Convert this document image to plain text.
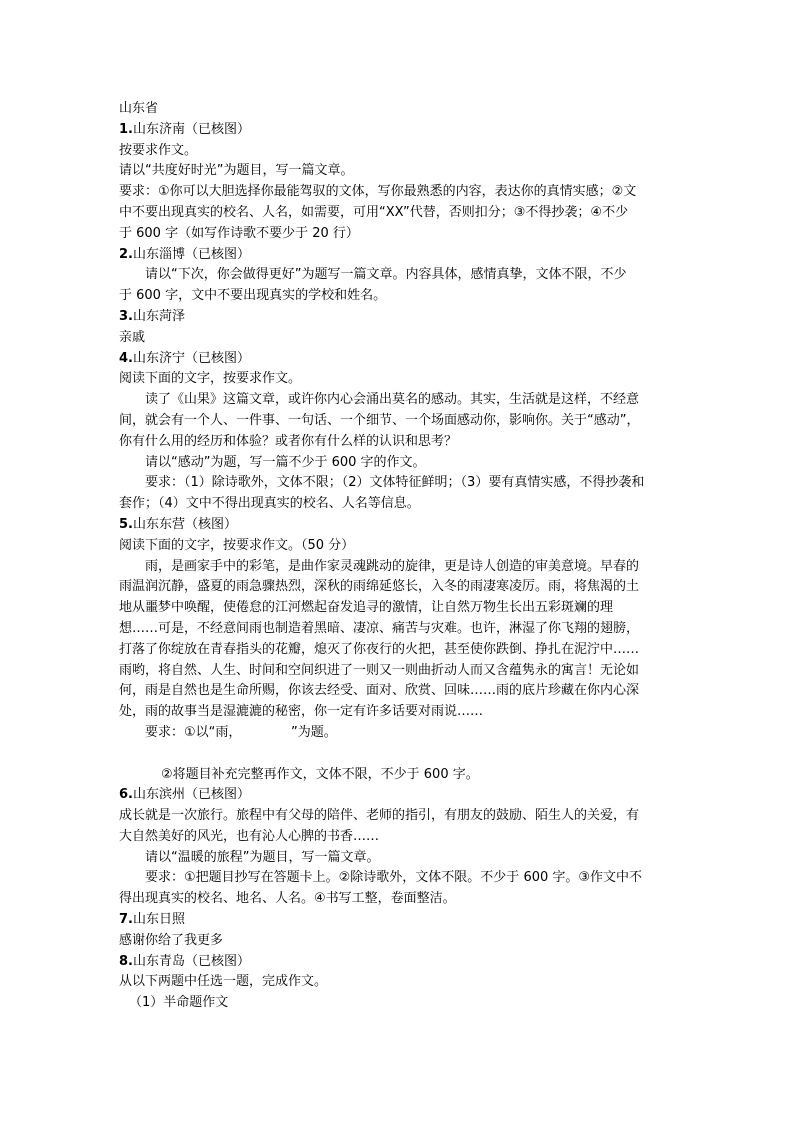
山东省
1.山东济南（已核图）
按要求作文。
请以“共度好时光”为题目，写一篇文章。
要求：①你可以大胆选择你最能驾驭的文体，写你最熟悉的内容，表达你的真情实感；②文
中不要出现真实的校名、人名，如需要，可用“XX”代替，否则扣分；③不得抄袭；④不少
于 600 字（如写作诗歌不要少于 20 行）
2.山东淄博（已核图）
请以“下次，你会做得更好”为题写一篇文章。内容具体，感情真挚，文体不限，不少
于 600 字，文中不要出现真实的学校和姓名。
3.山东菏泽
亲戚
4.山东济宁（已核图）
阅读下面的文字，按要求作文。
读了《山果》这篇文章，或许你内心会涌出莫名的感动。其实，生活就是这样，不经意
间，就会有一个人、一件事、一句话、一个细节、一个场面感动你，影响你。关于“感动”，
你有什么用的经历和体验？或者你有什么样的认识和思考？
请以“感动”为题，写一篇不少于 600 字的作文。
要求：（1）除诗歌外，文体不限；（2）文体特征鲜明；（3）要有真情实感，不得抄袭和
套作；（4）文中不得出现真实的校名、人名等信息。
5.山东东营（核图）
阅读下面的文字，按要求作文。（50 分）
雨，是画家手中的彩笔，是曲作家灵魂跳动的旋律，更是诗人创造的审美意境。早春的
雨温润沉静，盛夏的雨急骤热烈，深秋的雨绵延悠长，入冬的雨凄寒凌厉。雨，将焦渴的土
地从噩梦中唤醒，使倦怠的江河燃起奋发追寻的激情，让自然万物生长出五彩斑斓的理
想……可是，不经意间雨也制造着黑暗、凄凉、痛苦与灾难。也许，淋湿了你飞翔的翅膀，
打落了你绽放在青春指头的花瓣，熄灭了你夜行的火把，甚至使你跌倒、挣扎在泥泞中……
雨哟，将自然、人生、时间和空间织进了一则又一则曲折动人而又含蕴隽永的寓言！无论如
何，雨是自然也是生命所赐，你该去经受、面对、欣赏、回味……雨的底片珍藏在你内心深
处，雨的故事当是湿漉漉的秘密，你一定有许多话要对雨说……
要求：①以“雨，            ”为题。
②将题目补充完整再作文，文体不限，不少于 600 字。
6.山东滨州（已核图）
成长就是一次旅行。旅程中有父母的陪伴、老师的指引，有朋友的鼓励、陌生人的关爱，有
大自然美好的风光，也有沁人心脾的书香……
请以“温暖的旅程”为题目，写一篇文章。
要求：①把题目抄写在答题卡上。②除诗歌外，文体不限。不少于 600 字。③作文中不
得出现真实的校名、地名、人名。④书写工整，卷面整洁。
7.山东日照
感谢你给了我更多
8.山东青岛（已核图）
从以下两题中任选一题，完成作文。
（1）半命题作文
